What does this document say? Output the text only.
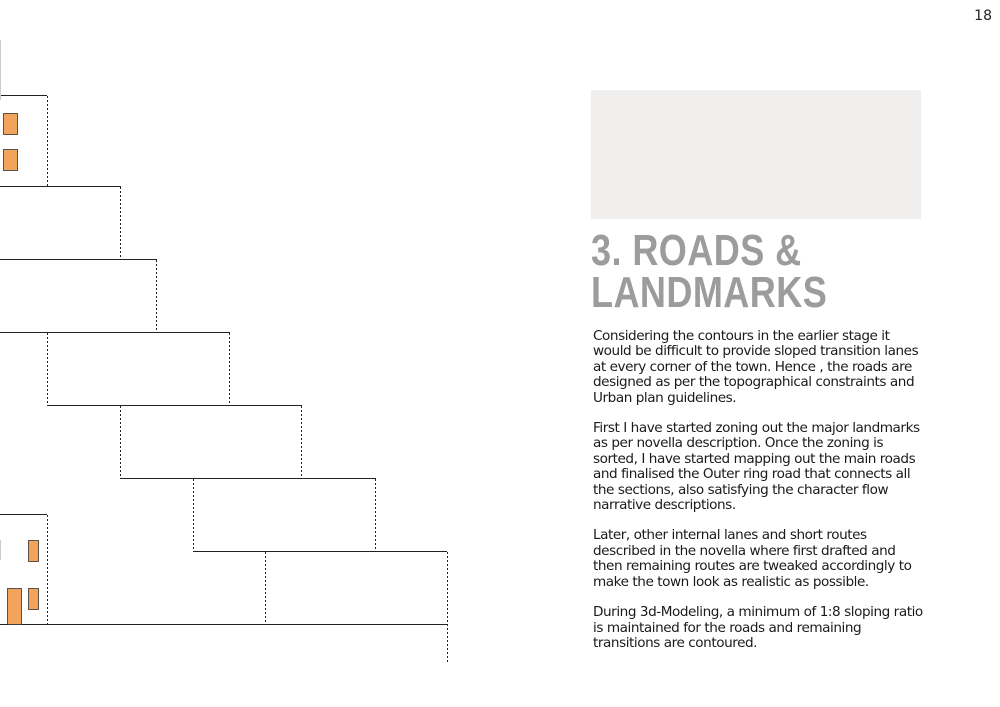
18
3. ROADS &
LANDMARKS

Considering the contours in the earlier stage it would be difficult to provide sloped transition lanes at every corner of the town. Hence , the roads are designed as per the topographical constraints and Urban plan guidelines.

First I have started zoning out the major landmarks as per novella description. Once the zoning is sorted, I have started mapping out the main roads and finalised the Outer ring road that connects all the sections, also satisfying the character flow narrative descriptions.

Later, other internal lanes and short routes described in the novella where first drafted and then remaining routes are tweaked accordingly to make the town look as realistic as possible.

During 3d-Modeling, a minimum of 1:8 sloping ratio is maintained for the roads and remaining transitions are contoured.
